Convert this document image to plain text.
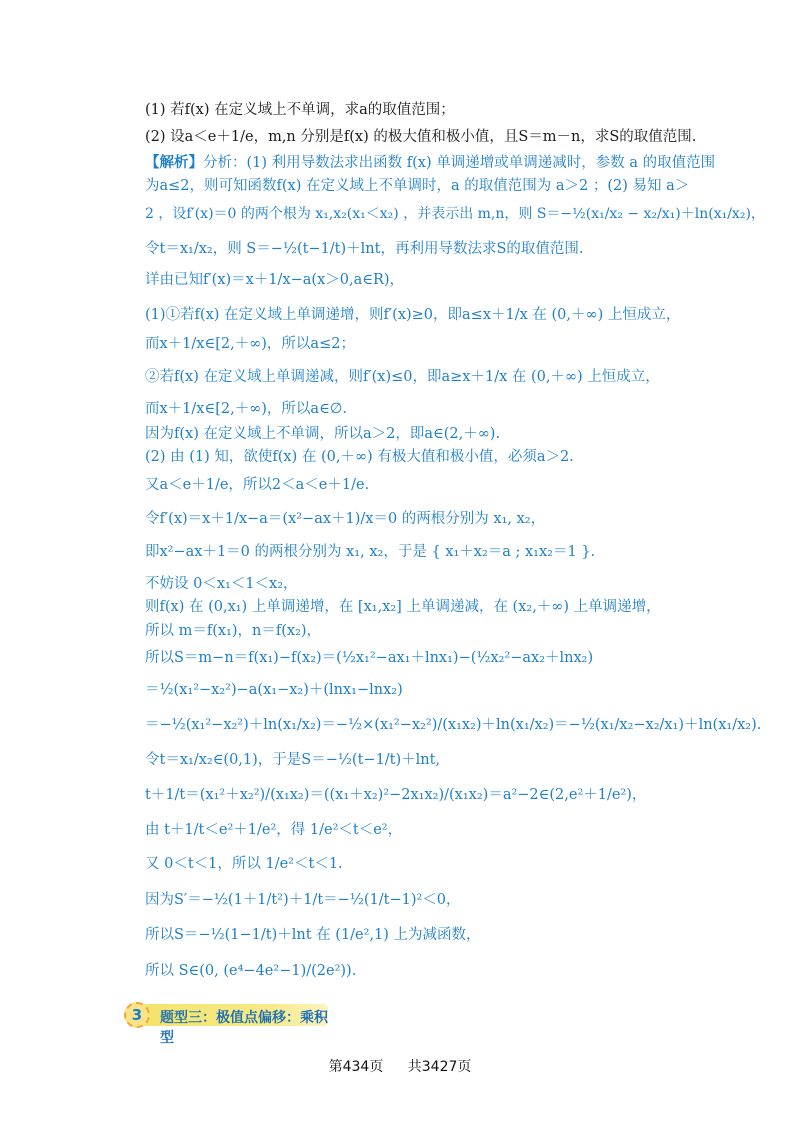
(1) 若f(x) 在定义域上不单调，求a的取值范围；
(2) 设a＜e＋1/e，m,n 分别是f(x) 的极大值和极小值，且S＝m－n，求S的取值范围.
【解析】分析：(1) 利用导数法求出函数 f(x) 单调递增或单调递减时，参数 a 的取值范围
为a≤2，则可知函数f(x) 在定义域上不单调时，a 的取值范围为 a＞2 ；(2) 易知 a＞
2 ，设f′(x)＝0 的两个根为 x₁,x₂(x₁＜x₂) ，并表示出 m,n，则 S＝−½(x₁/x₂ − x₂/x₁)＋ln(x₁/x₂)，
令t＝x₁/x₂，则 S＝−½(t−1/t)＋lnt，再利用导数法求S的取值范围.
详由已知f′(x)＝x＋1/x−a(x＞0,a∈R)，
(1)①若f(x) 在定义域上单调递增，则f′(x)≥0，即a≤x＋1/x 在 (0,＋∞) 上恒成立，
而x＋1/x∈[2,＋∞)，所以a≤2；
②若f(x) 在定义域上单调递减，则f′(x)≤0，即a≥x＋1/x 在 (0,＋∞) 上恒成立，
而x＋1/x∈[2,＋∞)，所以a∈∅.
因为f(x) 在定义域上不单调，所以a＞2，即a∈(2,＋∞).
(2) 由 (1) 知，欲使f(x) 在 (0,＋∞) 有极大值和极小值，必须a＞2.
又a＜e＋1/e，所以2＜a＜e＋1/e.
令f′(x)＝x＋1/x−a＝(x²−ax＋1)/x＝0 的两根分别为 x₁, x₂，
即x²−ax＋1＝0 的两根分别为 x₁, x₂，于是 { x₁＋x₂＝a ; x₁x₂＝1 }.
不妨设 0＜x₁＜1＜x₂，
则f(x) 在 (0,x₁) 上单调递增，在 [x₁,x₂] 上单调递减，在 (x₂,＋∞) 上单调递增，
所以 m＝f(x₁)，n＝f(x₂)，
所以S＝m−n＝f(x₁)−f(x₂)＝(½x₁²−ax₁＋lnx₁)−(½x₂²−ax₂＋lnx₂)
＝½(x₁²−x₂²)−a(x₁−x₂)＋(lnx₁−lnx₂)
＝−½(x₁²−x₂²)＋ln(x₁/x₂)＝−½×(x₁²−x₂²)/(x₁x₂)＋ln(x₁/x₂)＝−½(x₁/x₂−x₂/x₁)＋ln(x₁/x₂).
令t＝x₁/x₂∈(0,1)，于是S＝−½(t−1/t)＋lnt,
t＋1/t＝(x₁²＋x₂²)/(x₁x₂)＝((x₁＋x₂)²−2x₁x₂)/(x₁x₂)＝a²−2∈(2,e²＋1/e²)，
由 t＋1/t＜e²＋1/e²，得 1/e²＜t＜e²，
又 0＜t＜1，所以 1/e²＜t＜1.
因为S′＝−½(1＋1/t²)＋1/t＝−½(1/t−1)²＜0，
所以S＝−½(1−1/t)＋lnt 在 (1/e²,1) 上为减函数，
所以 S∈(0, (e⁴−4e²−1)/(2e²)).
3	题型三：极值点偏移：乘积型
第434页 共3427页
